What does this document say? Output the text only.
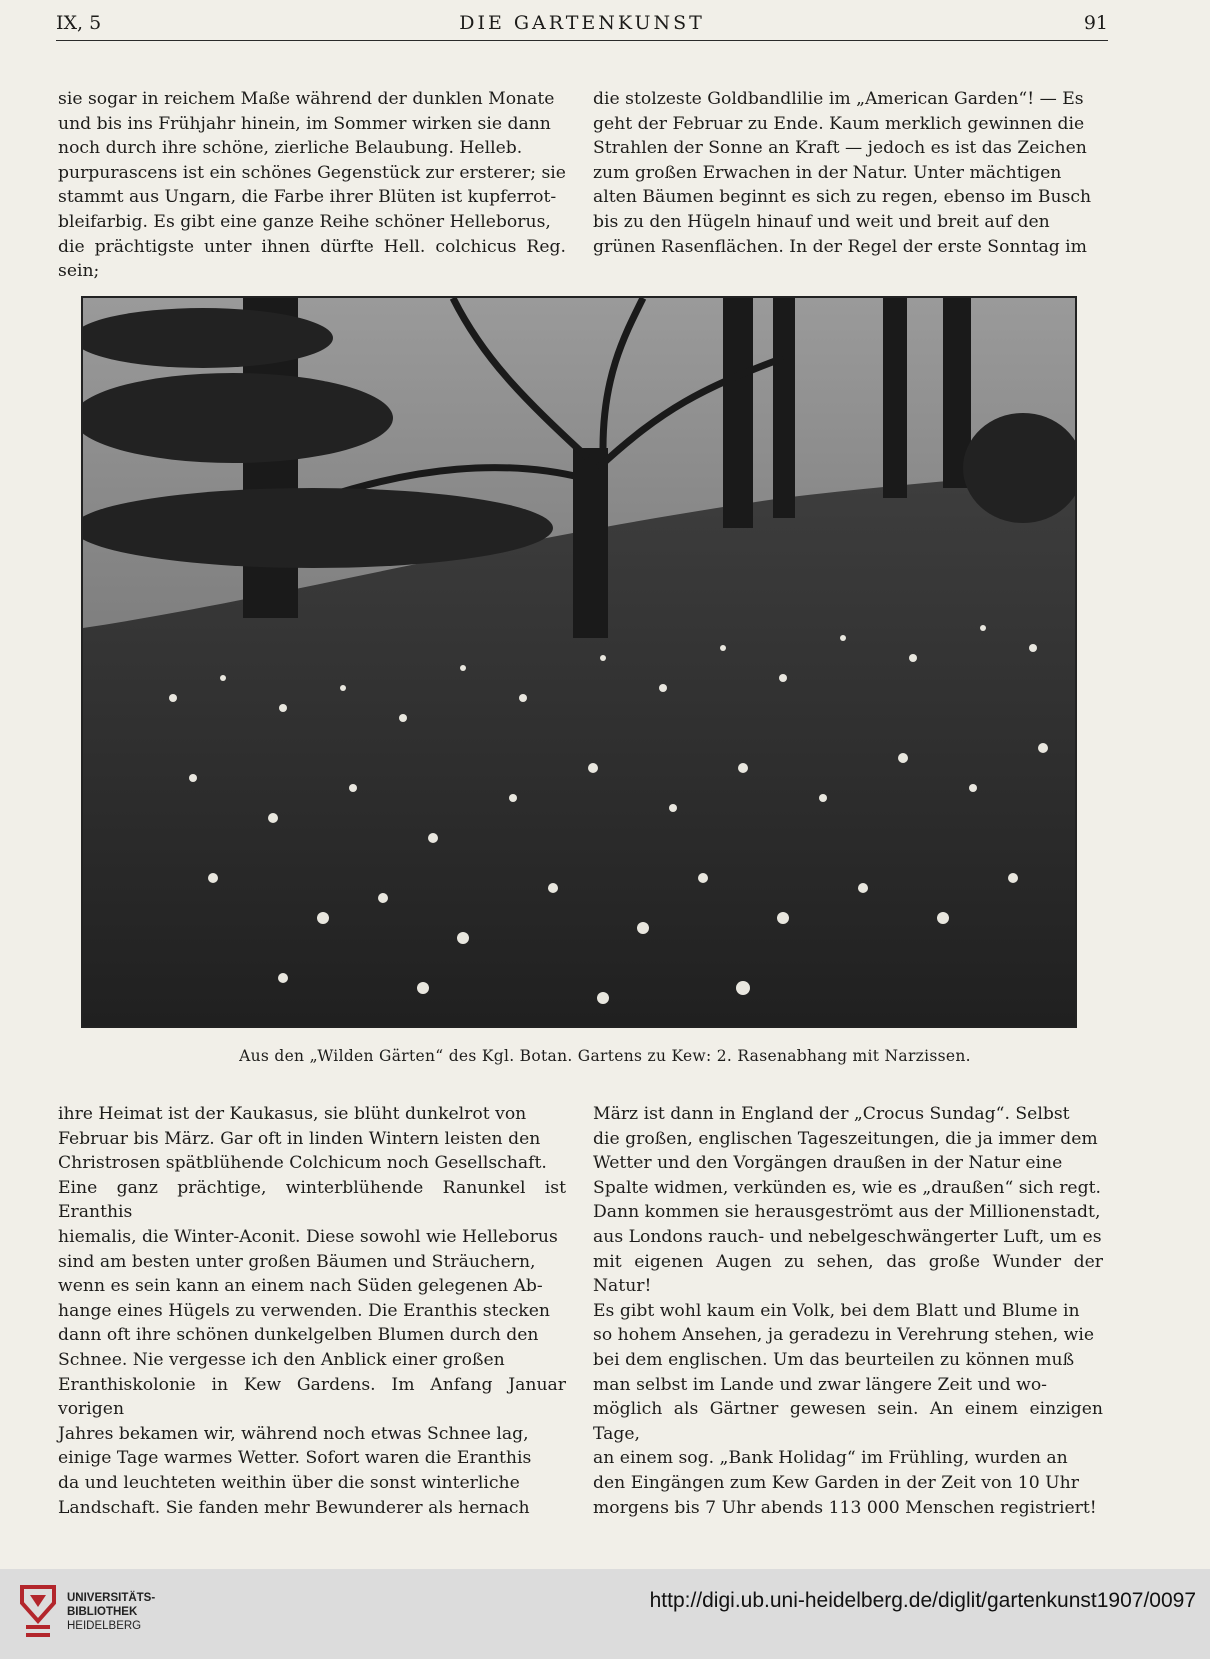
IX, 5	DIE GARTENKUNST	91

sie sogar in reichem Maße während der dunklen Monate

und bis ins Frühjahr hinein, im Sommer wirken sie dann

noch durch ihre schöne, zierliche Belaubung. Helleb.

purpurascens ist ein schönes Gegenstück zur ersterer; sie

stammt aus Ungarn, die Farbe ihrer Blüten ist kupferrot-

bleifarbig. Es gibt eine ganze Reihe schöner Helleborus,

die prächtigste unter ihnen dürfte Hell. colchicus Reg. sein;

die stolzeste Goldbandlilie im „American Garden“! — Es

geht der Februar zu Ende. Kaum merklich gewinnen die

Strahlen der Sonne an Kraft — jedoch es ist das Zeichen

zum großen Erwachen in der Natur. Unter mächtigen

alten Bäumen beginnt es sich zu regen, ebenso im Busch

bis zu den Hügeln hinauf und weit und breit auf den

grünen Rasenflächen. In der Regel der erste Sonntag im

Aus den „Wilden Gärten“ des Kgl. Botan. Gartens zu Kew: 2. Rasenabhang mit Narzissen.

ihre Heimat ist der Kaukasus, sie blüht dunkelrot von

Februar bis März. Gar oft in linden Wintern leisten den

Christrosen spätblühende Colchicum noch Gesellschaft.

Eine ganz prächtige, winterblühende Ranunkel ist Eranthis

hiemalis, die Winter-Aconit. Diese sowohl wie Helleborus

sind am besten unter großen Bäumen und Sträuchern,

wenn es sein kann an einem nach Süden gelegenen Ab-

hange eines Hügels zu verwenden. Die Eranthis stecken

dann oft ihre schönen dunkelgelben Blumen durch den

Schnee. Nie vergesse ich den Anblick einer großen

Eranthiskolonie in Kew Gardens. Im Anfang Januar vorigen

Jahres bekamen wir, während noch etwas Schnee lag,

einige Tage warmes Wetter. Sofort waren die Eranthis

da und leuchteten weithin über die sonst winterliche

Landschaft. Sie fanden mehr Bewunderer als hernach

März ist dann in England der „Crocus Sundag“. Selbst

die großen, englischen Tageszeitungen, die ja immer dem

Wetter und den Vorgängen draußen in der Natur eine

Spalte widmen, verkünden es, wie es „draußen“ sich regt.

Dann kommen sie herausgeströmt aus der Millionenstadt,

aus Londons rauch- und nebelgeschwängerter Luft, um es

mit eigenen Augen zu sehen, das große Wunder der Natur!

Es gibt wohl kaum ein Volk, bei dem Blatt und Blume in

so hohem Ansehen, ja geradezu in Verehrung stehen, wie

bei dem englischen. Um das beurteilen zu können muß

man selbst im Lande und zwar längere Zeit und wo-

möglich als Gärtner gewesen sein. An einem einzigen Tage,

an einem sog. „Bank Holidag“ im Frühling, wurden an

den Eingängen zum Kew Garden in der Zeit von 10 Uhr

morgens bis 7 Uhr abends 113 000 Menschen registriert!

UNIVERSITÄTS-
BIBLIOTHEK
HEIDELBERG
http://digi.ub.uni-heidelberg.de/diglit/gartenkunst1907/0097
